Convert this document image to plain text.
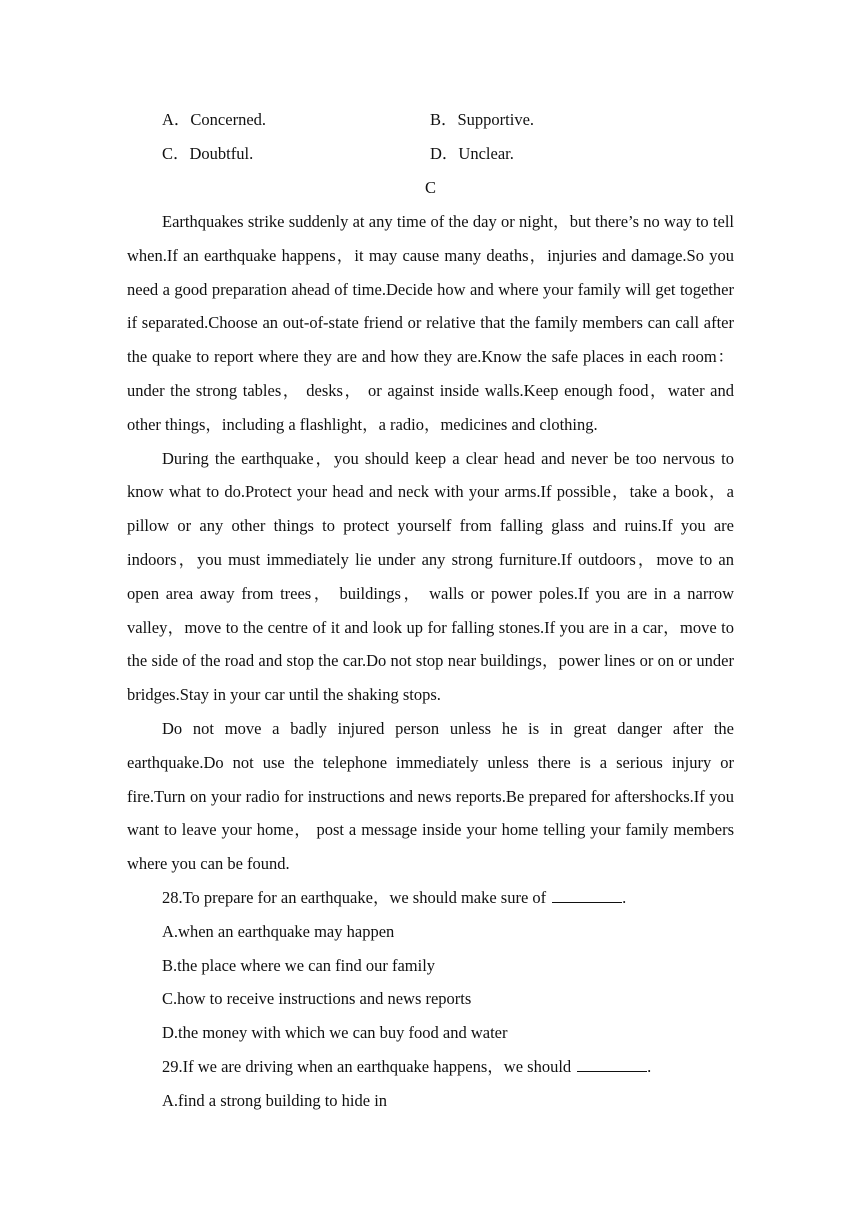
A．Concerned.	B．Supportive.
C．Doubtful.	D．Unclear.
C

Earthquakes strike suddenly at any time of the day or night，but there’s no way to tell when.If an earthquake happens，it may cause many deaths，injuries and damage.So you need a good preparation ahead of time.Decide how and where your family will get together if separated.Choose an out-of-state friend or relative that the family members can call after the quake to report where they are and how they are.Know the safe places in each room： under the strong tables， desks， or against inside walls.Keep enough food，water and other things，including a flashlight，a radio，medicines and clothing.

During the earthquake，you should keep a clear head and never be too nervous to know what to do.Protect your head and neck with your arms.If possible，take a book，a pillow or any other things to protect yourself from falling glass and ruins.If you are indoors，you must immediately lie under any strong furniture.If outdoors，move to an open area away from trees， buildings， walls or power poles.If you are in a narrow valley，move to the centre of it and look up for falling stones.If you are in a car，move to the side of the road and stop the car.Do not stop near buildings，power lines or on or under bridges.Stay in your car until the shaking stops.

Do not move a badly injured person unless he is in great danger after the earthquake.Do not use the telephone immediately unless there is a serious injury or fire.Turn on your radio for instructions and news reports.Be prepared for aftershocks.If you want to leave your home， post a message inside your home telling your family members where you can be found.

28.To prepare for an earthquake，we should make sure of	.
A.when an earthquake may happen
B.the place where we can find our family
C.how to receive instructions and news reports
D.the money with which we can buy food and water
29.If we are driving when an earthquake happens，we should	.
A.find a strong building to hide in
